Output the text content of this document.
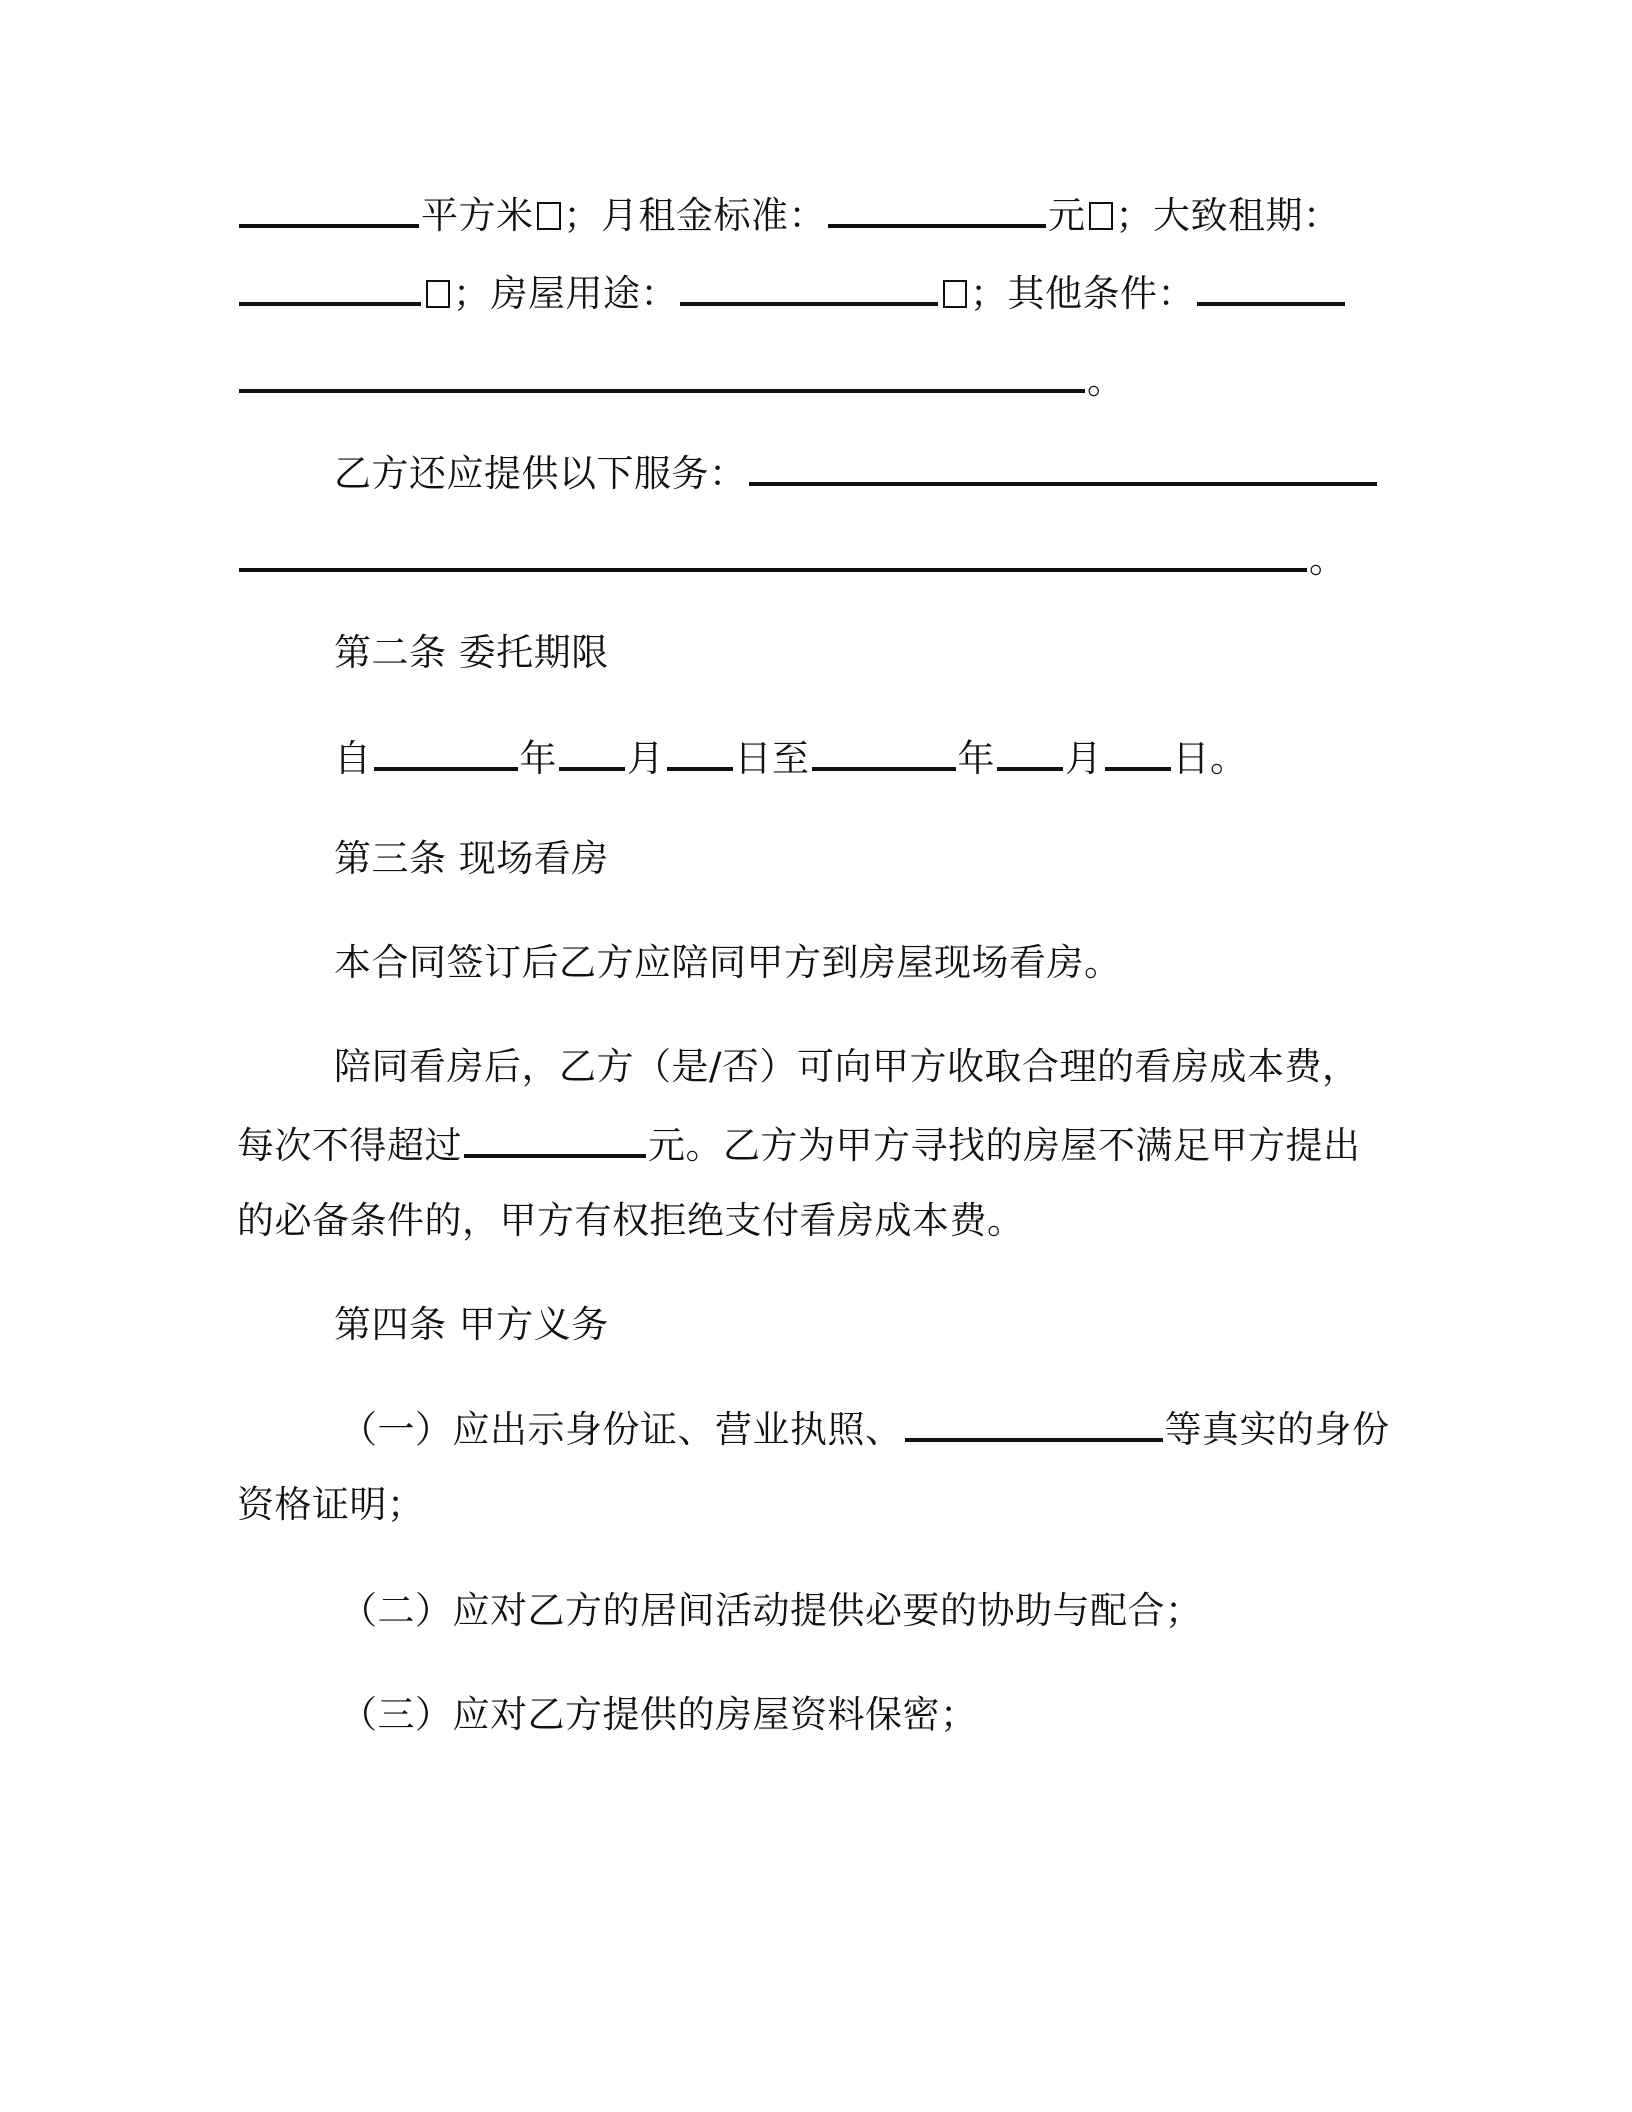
平方米 ；月租金标准：	元 ；大致租期：
；房屋用途：	；其他条件：
。
乙方还应提供以下服务：
。
第二条 委托期限
自	年 月 日至	年 月 日。
第三条 现场看房
本合同签订后乙方应陪同甲方到房屋现场看房。
陪同看房后，乙方（是/否）可向甲方收取合理的看房成本费，
每次不得超过	元。乙方为甲方寻找的房屋不满足甲方提出
的必备条件的，甲方有权拒绝支付看房成本费。
第四条 甲方义务
（一）应出示身份证、营业执照、	等真实的身份
资格证明；
（二）应对乙方的居间活动提供必要的协助与配合；
（三）应对乙方提供的房屋资料保密；
